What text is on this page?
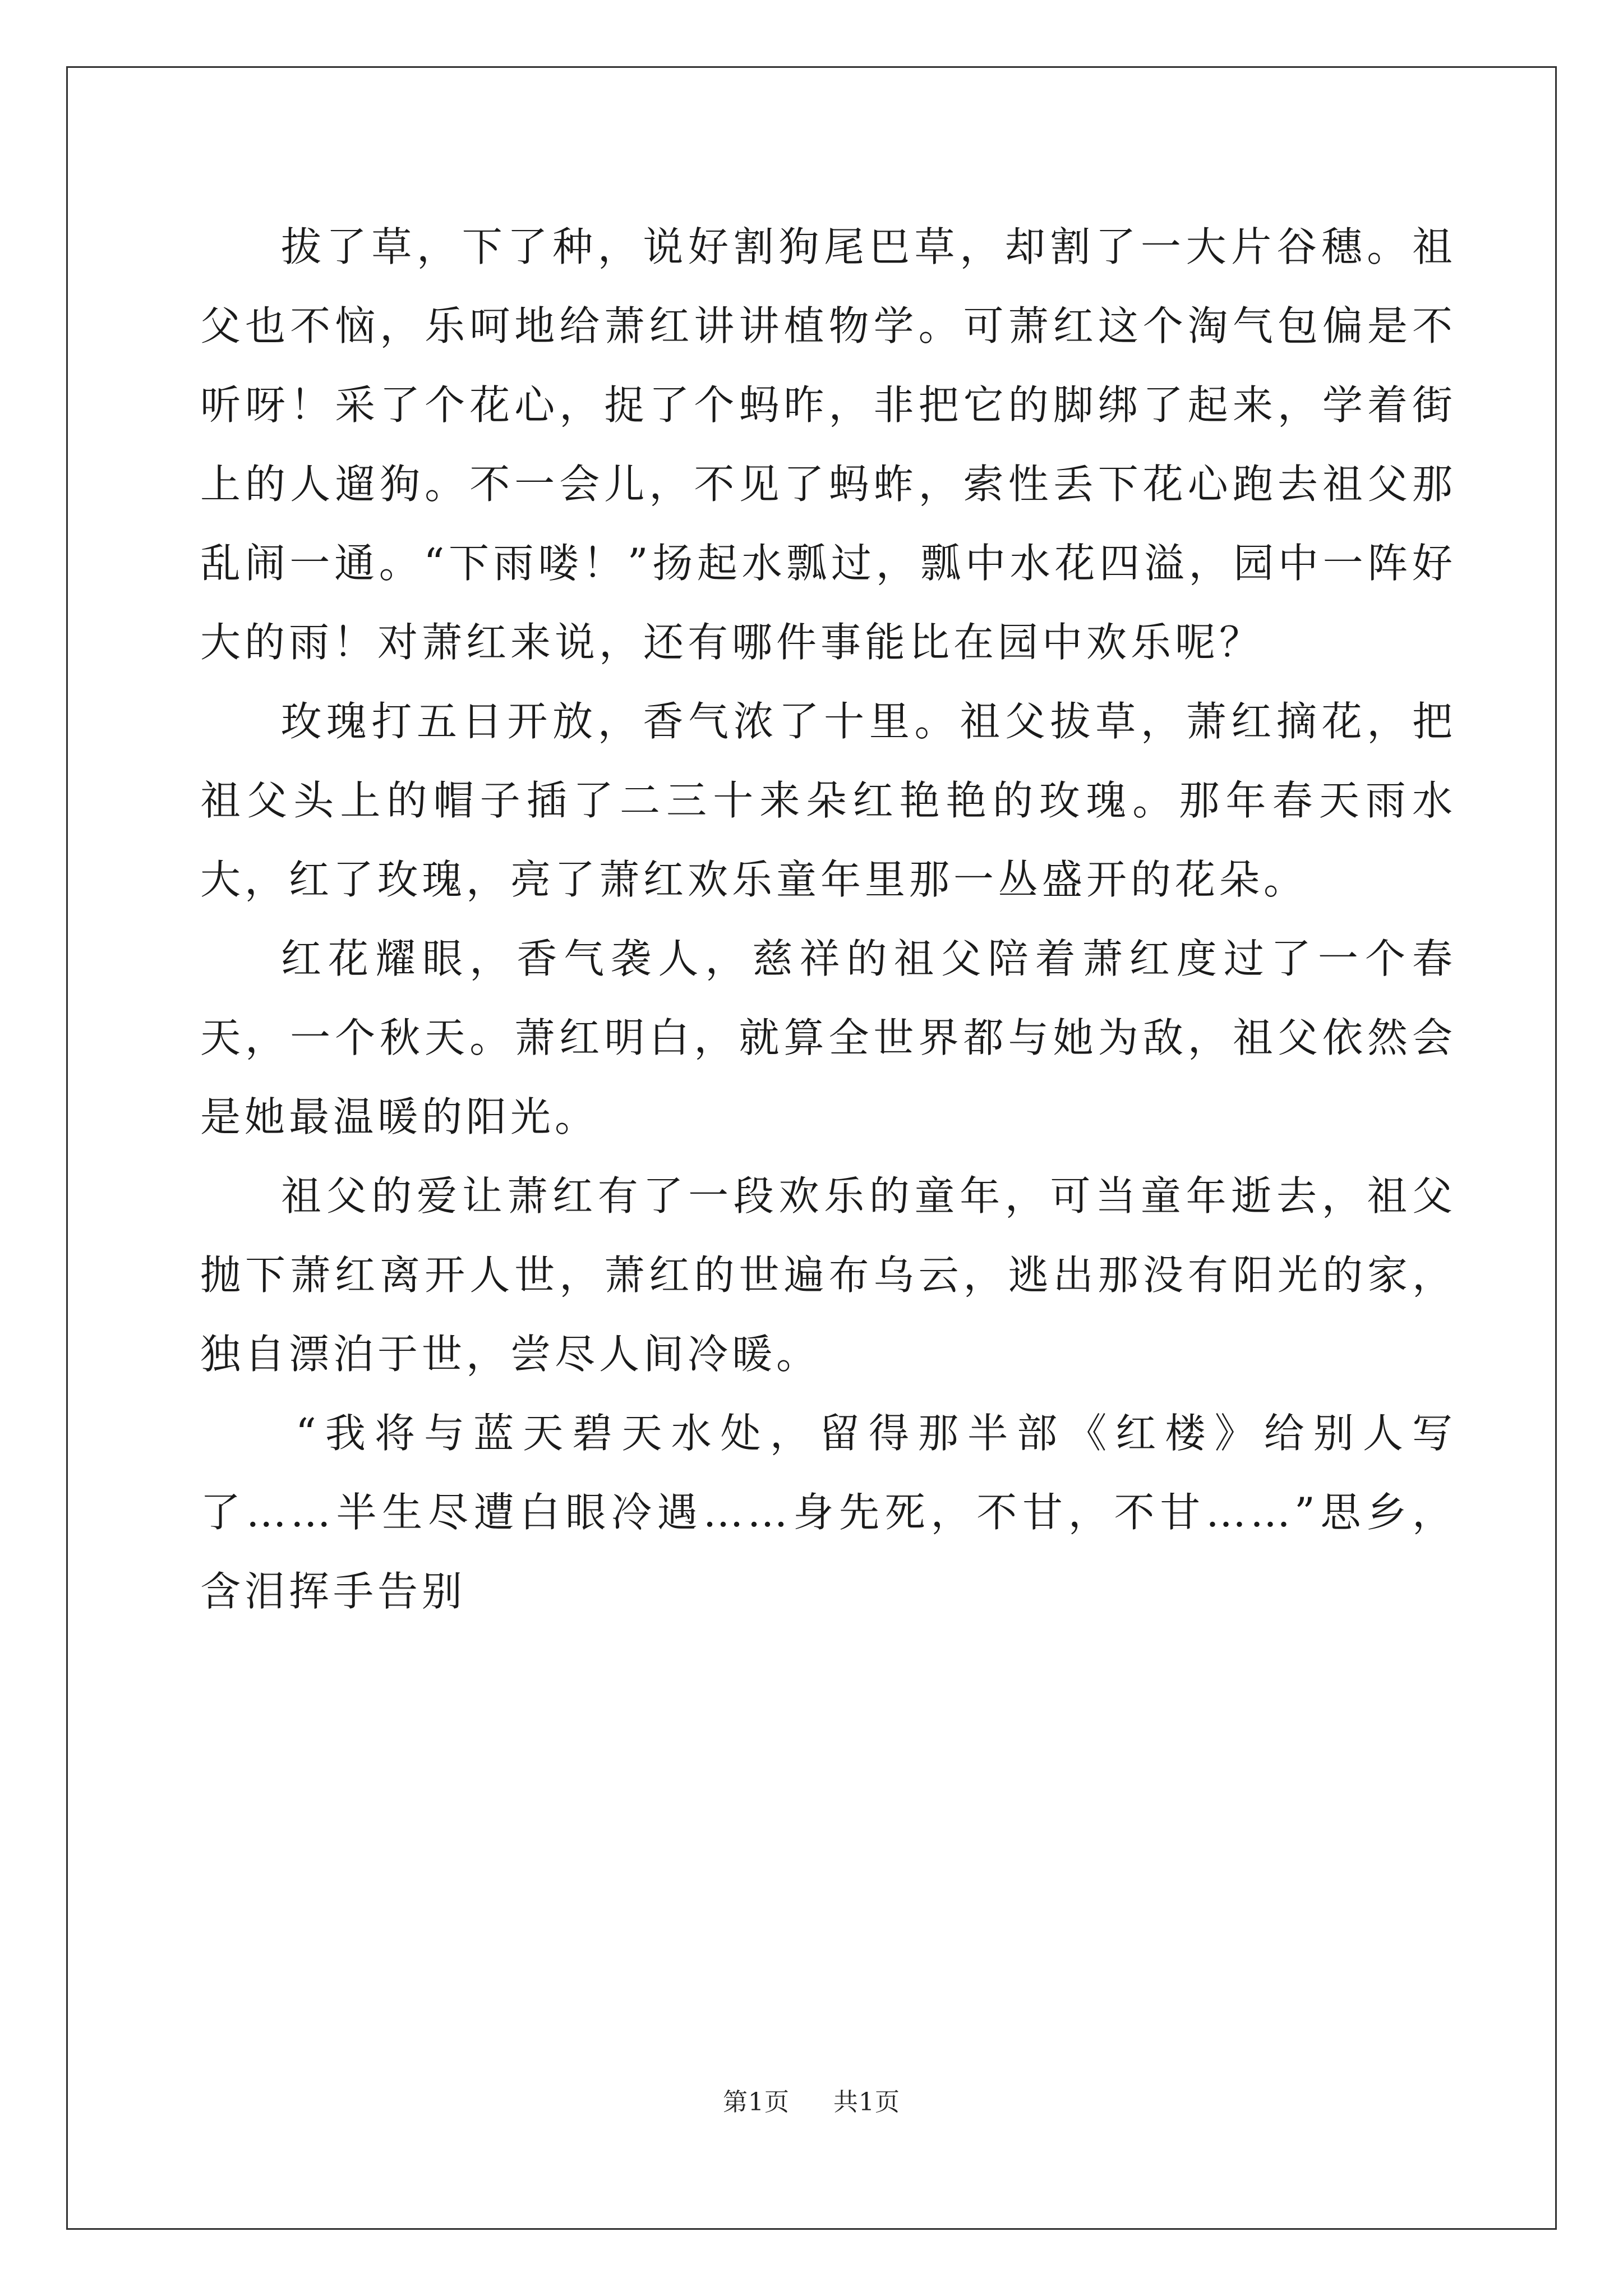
拔了草，下了种，说好割狗尾巴草，却割了一大片谷穗。祖父也不恼，乐呵地给萧红讲讲植物学。可萧红这个淘气包偏是不听呀！采了个花心，捉了个蚂昨，非把它的脚绑了起来，学着街上的人遛狗。不一会儿，不见了蚂蚱，索性丢下花心跑去祖父那乱闹一通。“下雨喽！”扬起水瓢过，瓢中水花四溢，园中一阵好大的雨！对萧红来说，还有哪件事能比在园中欢乐呢？

玫瑰打五日开放，香气浓了十里。祖父拔草，萧红摘花，把祖父头上的帽子插了二三十来朵红艳艳的玫瑰。那年春天雨水大，红了玫瑰，亮了萧红欢乐童年里那一丛盛开的花朵。

红花耀眼，香气袭人，慈祥的祖父陪着萧红度过了一个春天，一个秋天。萧红明白，就算全世界都与她为敌，祖父依然会是她最温暖的阳光。

祖父的爱让萧红有了一段欢乐的童年，可当童年逝去，祖父抛下萧红离开人世，萧红的世遍布乌云，逃出那没有阳光的家，独自漂泊于世，尝尽人间冷暖。

“我将与蓝天碧天水处，留得那半部《红楼》给别人写了……半生尽遭白眼冷遇……身先死，不甘，不甘……”思乡，含泪挥手告别

第1页 共1页
